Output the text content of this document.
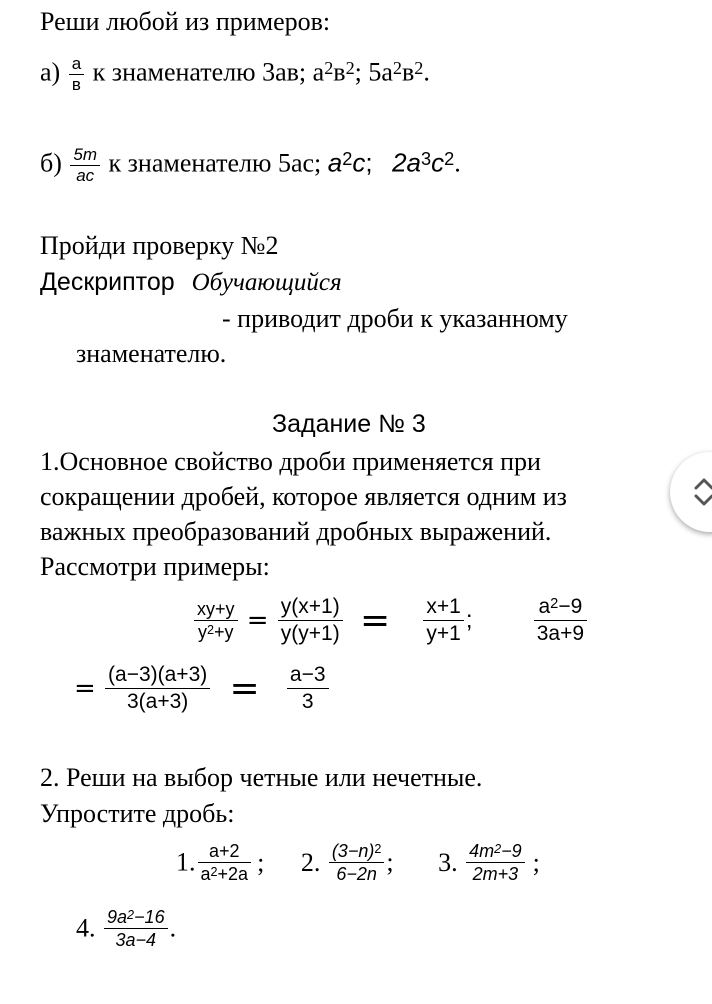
Реши любой из примеров:
$а) \frac{а}{в}$ к знаменателю 3ав; $а^2в^2$; $5а^2в^2$.
$б) \frac{5m}{ac}$ к знаменателю 5ас; $a^2c$; $2a^3c^2$.
Пройди проверку №2
Дескриптор Обучающийся
- приводит дроби к указанному
знаменателю.
Задание № 3
1.Основное свойство дроби применяется при
сокращении дробей, которое является одним из
важных преобразований дробных выражений.
Рассмотри примеры:
$\frac{xy+y}{y^2+y} = \frac{y(x+1)}{y(y+1)} = \frac{x+1}{y+1}$ ;	$\frac{a^2-9}{3a+9}$
= $\frac{(a-3)(a+3)}{3(a+3)} = \frac{a-3}{3}$
2. Реши на выбор четные или нечетные.
Упростите дробь:
1. $\frac{a+2}{a^2+2a}$ ; 2. $\frac{(3-n)^2}{6-2n}$ ; 3. $\frac{4m^2-9}{2m+3}$ ;
4. $\frac{9a^2-16}{3a-4}$ .
